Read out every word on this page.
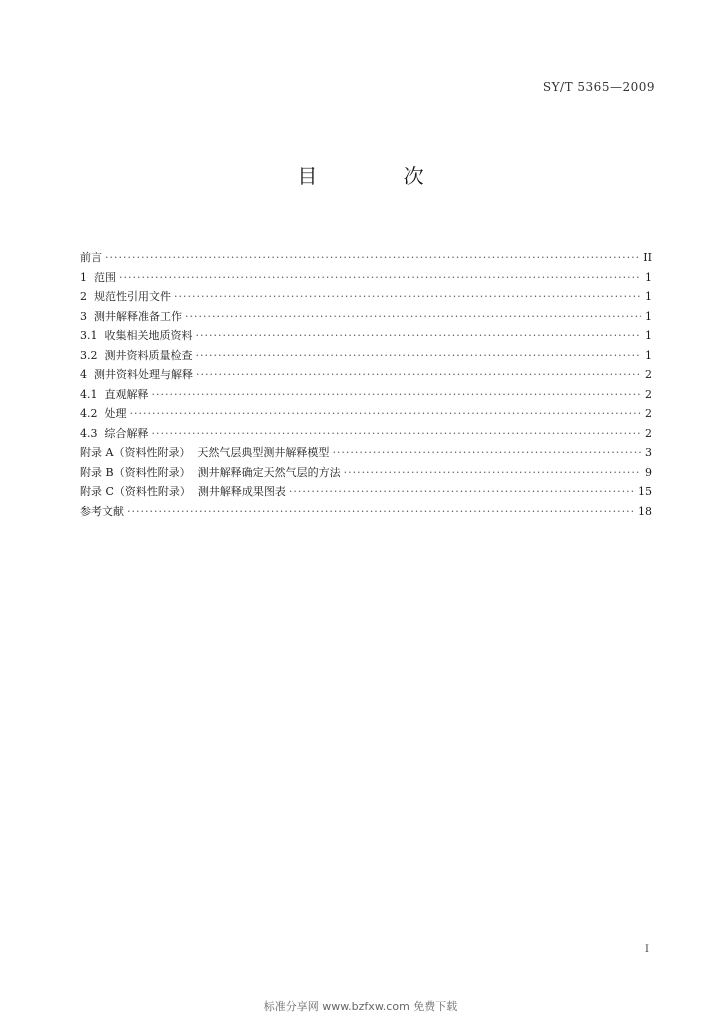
SY/T 5365—2009
目 次
前言 ·····	II
1 范围 ·····	1
2 规范性引用文件 ·····	1
3 测井解释准备工作 ·····	1
3.1 收集相关地质资料 ·····	1
3.2 测井资料质量检查 ·····	1
4 测井资料处理与解释 ·····	2
4.1 直观解释 ·····	2
4.2 处理 ·····	2
4.3 综合解释 ·····	2
附录 A（资料性附录）  天然气层典型测井解释模型 ·····	3
附录 B（资料性附录）  测井解释确定天然气层的方法 ·····	9
附录 C（资料性附录）  测井解释成果图表 ·····	15
参考文献 ·····	18
I
标准分享网 www.bzfxw.com 免费下载
